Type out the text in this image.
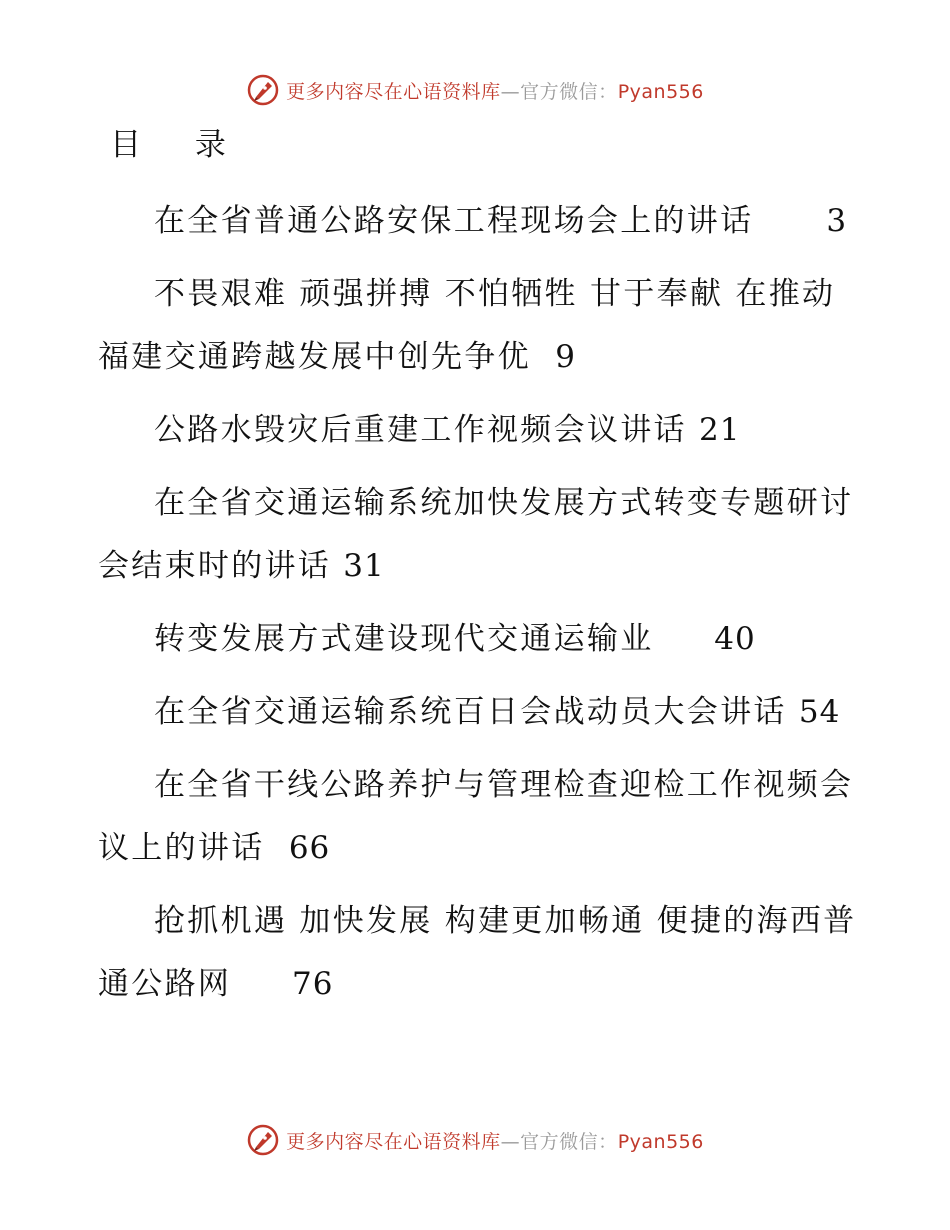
更多内容尽在心语资料库—官方微信：Pyan556
目 录
在全省普通公路安保工程现场会上的讲话 3
不畏艰难 顽强拼搏 不怕牺牲 甘于奉献 在推动福建交通跨越发展中创先争优 9
公路水毁灾后重建工作视频会议讲话 21
在全省交通运输系统加快发展方式转变专题研讨会结束时的讲话 31
转变发展方式建设现代交通运输业 40
在全省交通运输系统百日会战动员大会讲话 54
在全省干线公路养护与管理检查迎检工作视频会议上的讲话 66
抢抓机遇 加快发展 构建更加畅通 便捷的海西普通公路网 76
更多内容尽在心语资料库—官方微信：Pyan556
